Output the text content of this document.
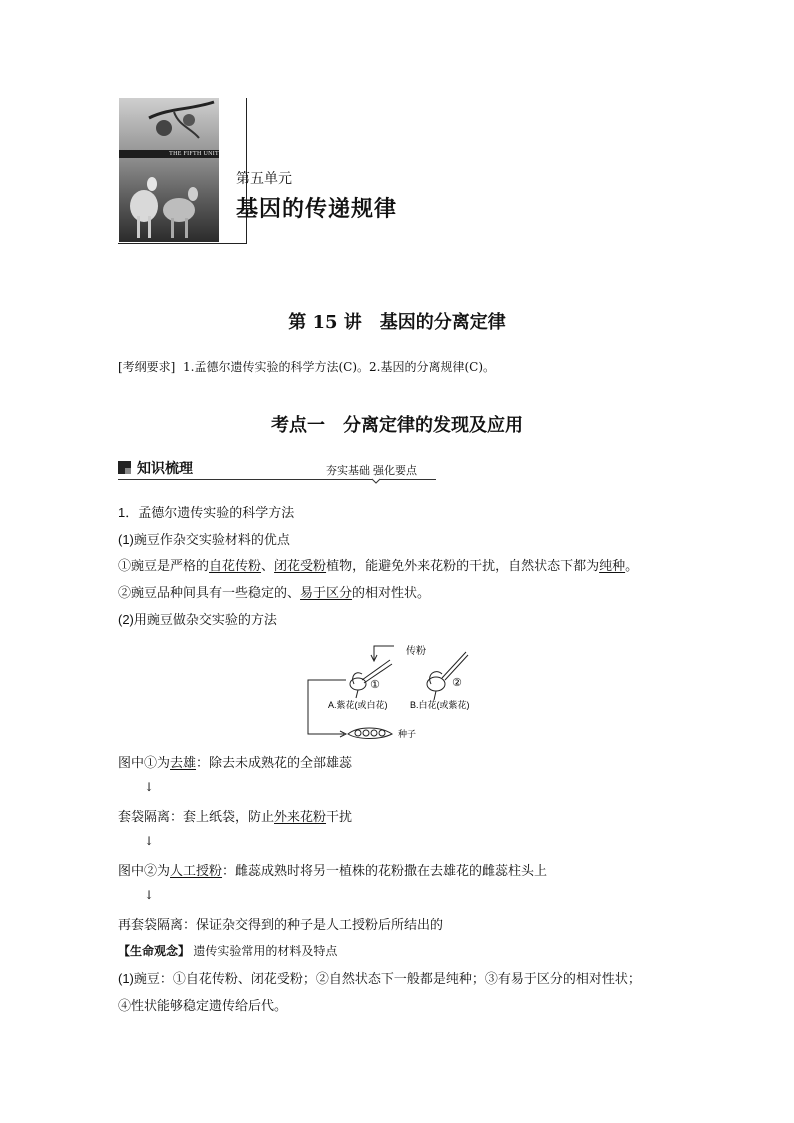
THE FIFTH UNIT
第五单元
基因的传递规律
第 15 讲　基因的分离定律
[考纲要求] 1.孟德尔遗传实验的科学方法(C)。2.基因的分离规律(C)。
考点一　分离定律的发现及应用
知识梳理	夯实基础 强化要点
1．孟德尔遗传实验的科学方法
(1)豌豆作杂交实验材料的优点
①豌豆是严格的自花传粉、闭花受粉植物，能避免外来花粉的干扰，自然状态下都为纯种。
②豌豆品种间具有一些稳定的、易于区分的相对性状。
(2)用豌豆做杂交实验的方法
传粉
①	②
A.紫花(或白花)	B.白花(或紫花)
种子
图中①为去雄：除去未成熟花的全部雄蕊
↓
套袋隔离：套上纸袋，防止外来花粉干扰
↓
图中②为人工授粉：雌蕊成熟时将另一植株的花粉撒在去雄花的雌蕊柱头上
↓
再套袋隔离：保证杂交得到的种子是人工授粉后所结出的
【生命观念】 遗传实验常用的材料及特点
(1)豌豆：①自花传粉、闭花受粉；②自然状态下一般都是纯种；③有易于区分的相对性状；
④性状能够稳定遗传给后代。
